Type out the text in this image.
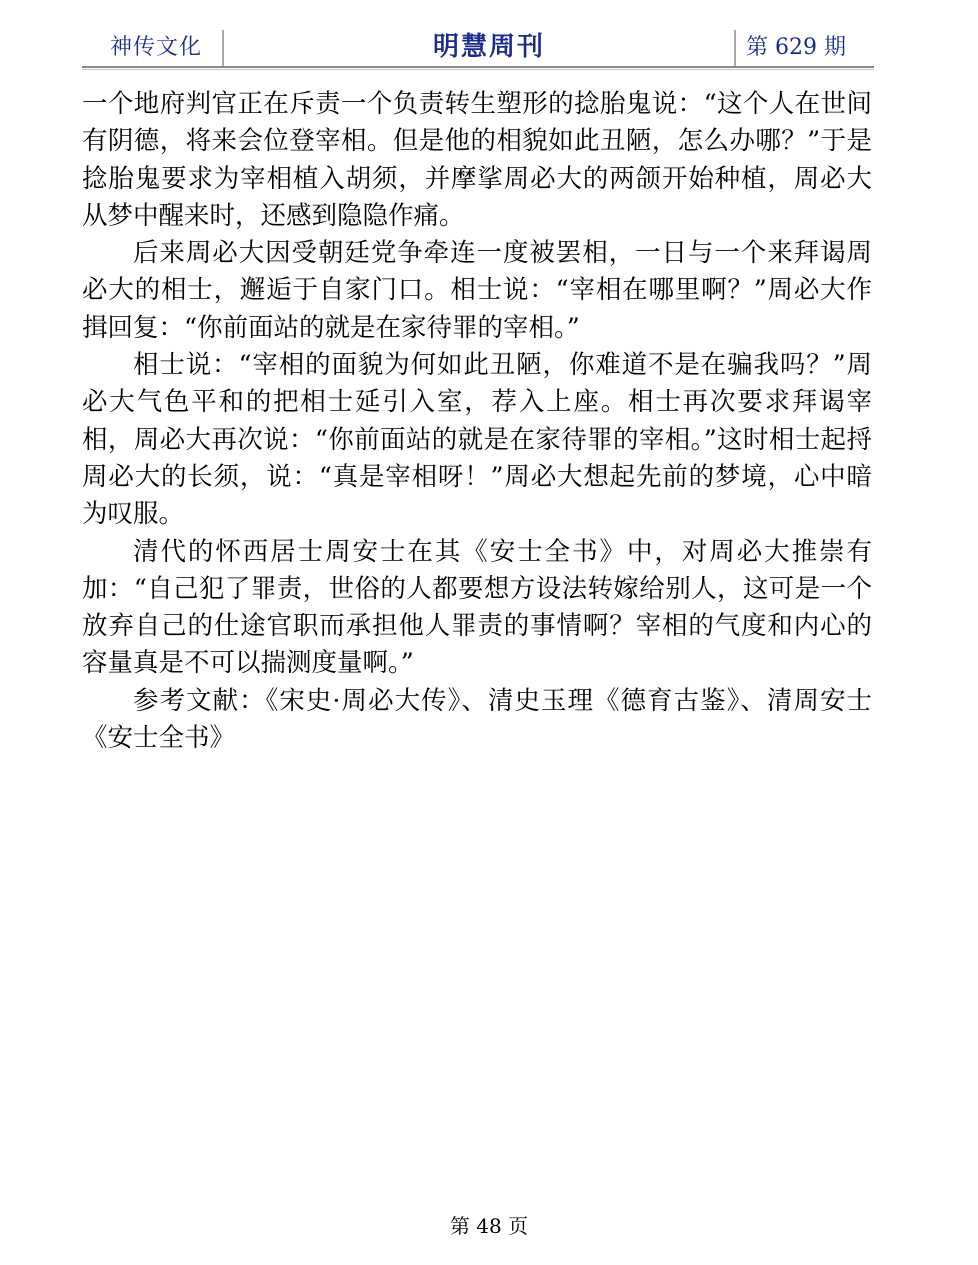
神传文化	明慧周刊	第 629 期

一个地府判官正在斥责一个负责转生塑形的捻胎鬼说：“这个人在世间有阴德，将来会位登宰相。但是他的相貌如此丑陋，怎么办哪？”于是捻胎鬼要求为宰相植入胡须，并摩挲周必大的两颌开始种植，周必大从梦中醒来时，还感到隐隐作痛。

后来周必大因受朝廷党争牵连一度被罢相，一日与一个来拜谒周必大的相士，邂逅于自家门口。相士说：“宰相在哪里啊？”周必大作揖回复：“你前面站的就是在家待罪的宰相。”

相士说：“宰相的面貌为何如此丑陋，你难道不是在骗我吗？”周必大气色平和的把相士延引入室，荐入上座。相士再次要求拜谒宰相，周必大再次说：“你前面站的就是在家待罪的宰相。”这时相士起捋周必大的长须，说：“真是宰相呀！”周必大想起先前的梦境，心中暗为叹服。

清代的怀西居士周安士在其《安士全书》中，对周必大推崇有加：“自己犯了罪责，世俗的人都要想方设法转嫁给别人，这可是一个放弃自己的仕途官职而承担他人罪责的事情啊？宰相的气度和内心的容量真是不可以揣测度量啊。”

参考文献：《宋史·周必大传》、清史玉理《德育古鉴》、清周安士《安士全书》

第 48 页
